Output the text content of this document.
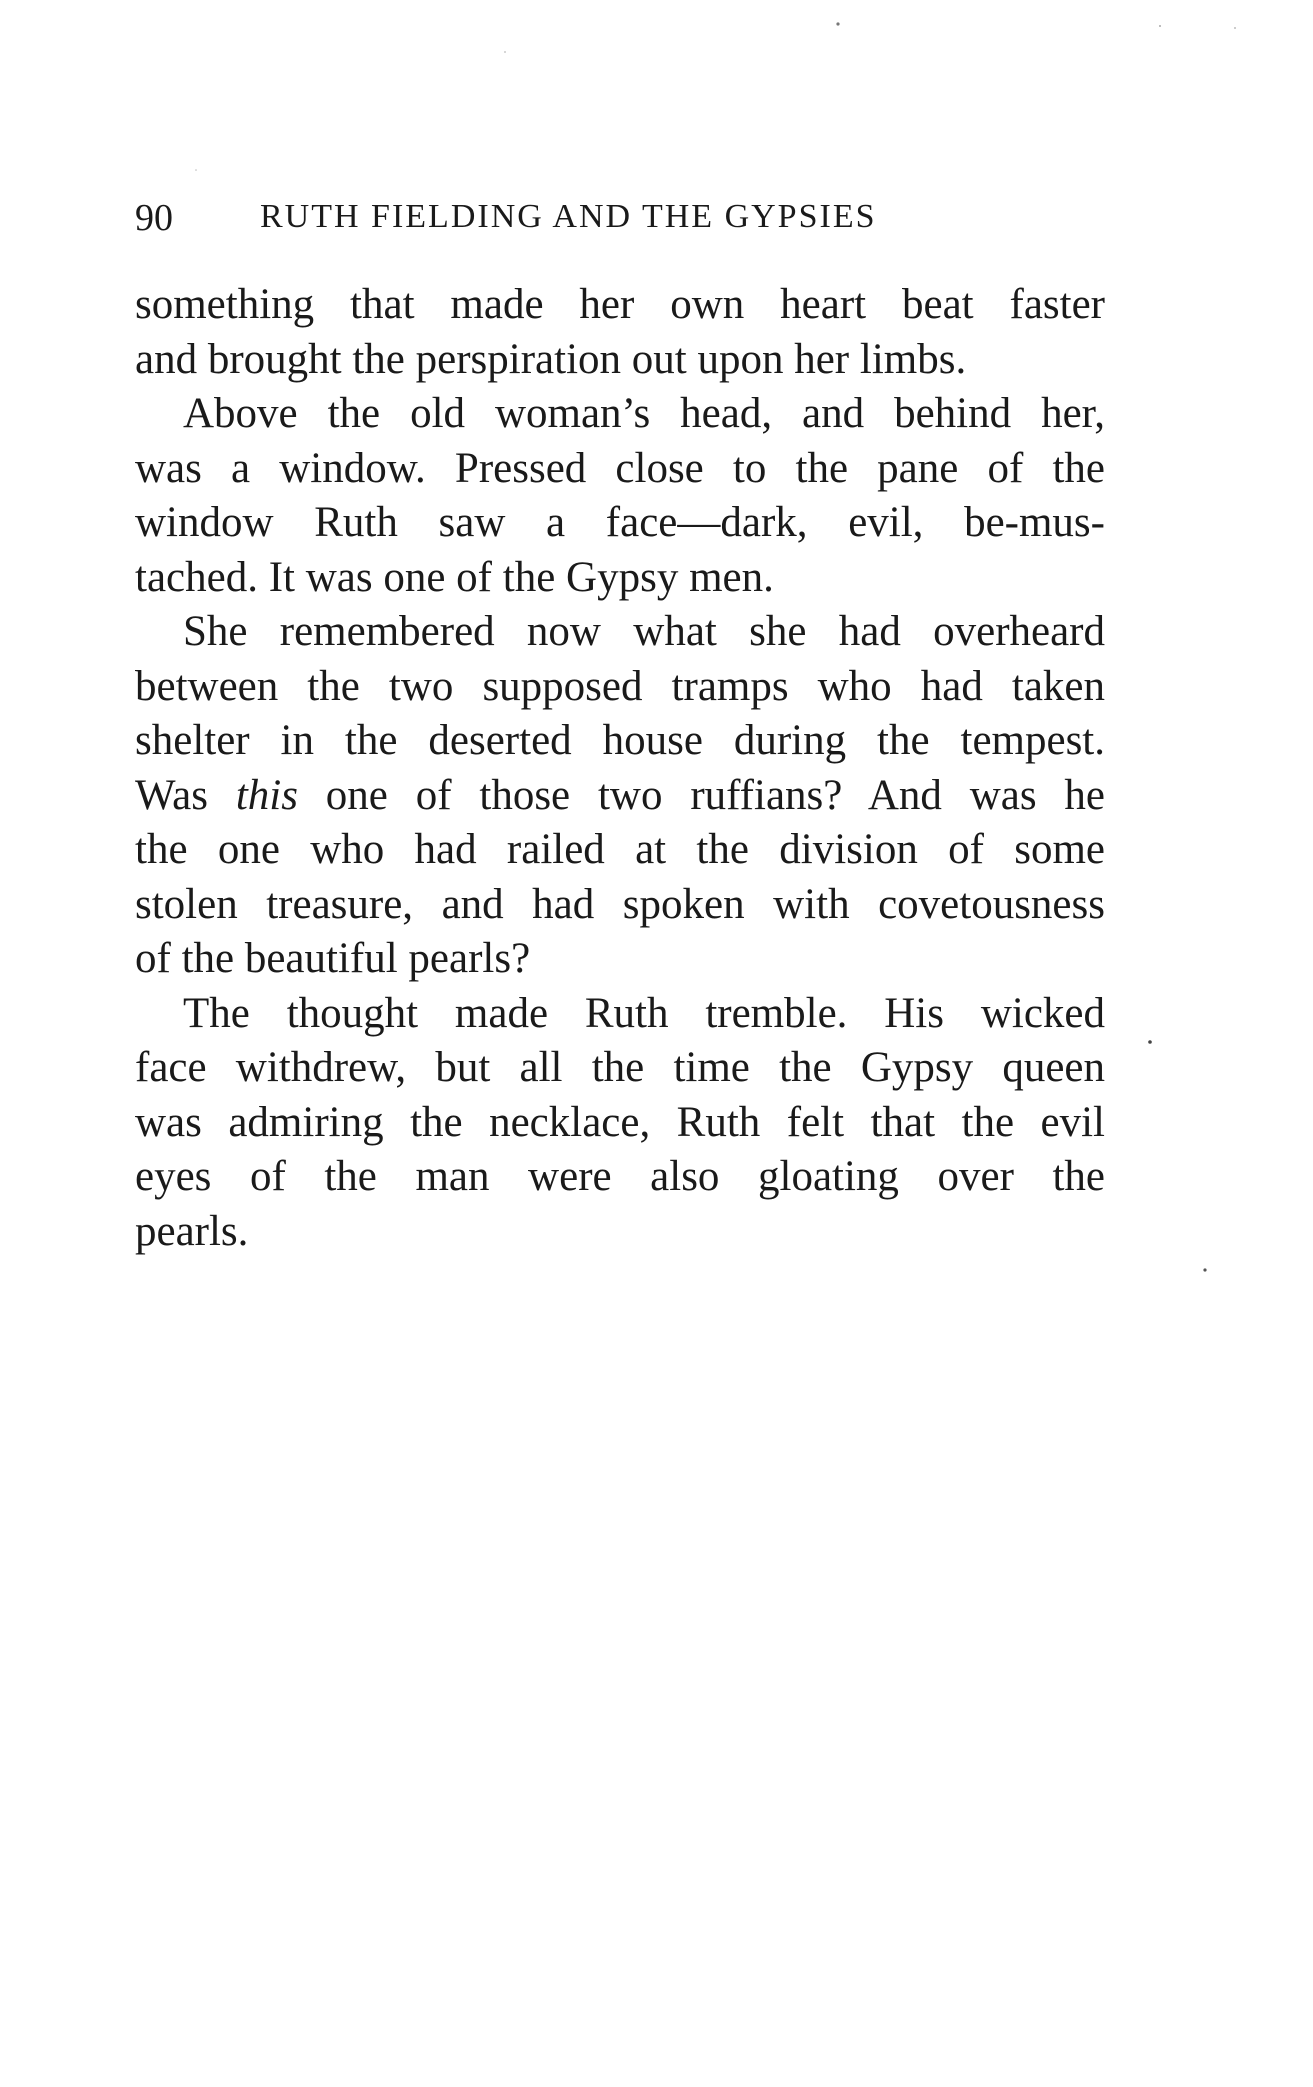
90	RUTH FIELDING AND THE GYPSIES
something that made her own heart beat faster
and brought the perspiration out upon her limbs.
Above the old woman’s head, and behind her,
was a window. Pressed close to the pane of the
window Ruth saw a face—dark, evil, be-mus-
tached. It was one of the Gypsy men.
She remembered now what she had overheard
between the two supposed tramps who had taken
shelter in the deserted house during the tempest.
Was this one of those two ruffians? And was he
the one who had railed at the division of some
stolen treasure, and had spoken with covetousness
of the beautiful pearls?
The thought made Ruth tremble. His wicked
face withdrew, but all the time the Gypsy queen
was admiring the necklace, Ruth felt that the evil
eyes of the man were also gloating over the
pearls.
